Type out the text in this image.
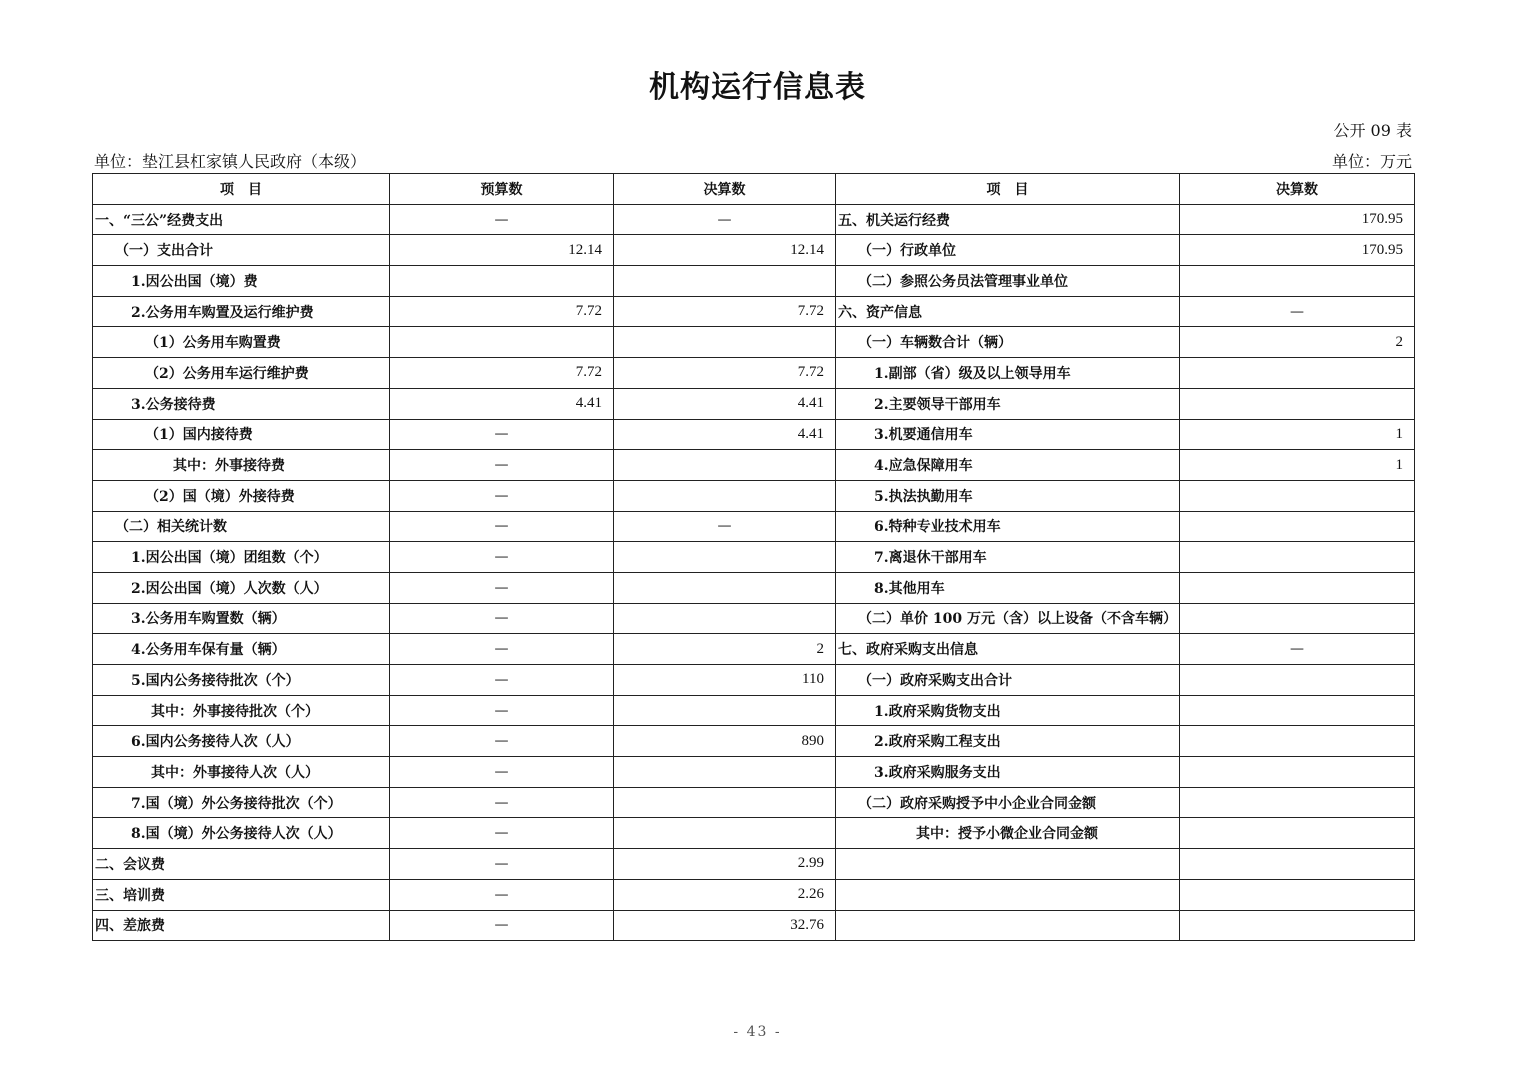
机构运行信息表
公开 09 表
单位：垫江县杠家镇人民政府（本级）	单位：万元
项　目	预算数	决算数	项　目	决算数
一、“三公”经费支出	—	—	五、机关运行经费	170.95
（一）支出合计	12.14	12.14	（一）行政单位	170.95
1.因公出国（境）费			（二）参照公务员法管理事业单位	
2.公务用车购置及运行维护费	7.72	7.72	六、资产信息	—
（1）公务用车购置费			（一）车辆数合计（辆）	2
（2）公务用车运行维护费	7.72	7.72	1.副部（省）级及以上领导用车	
3.公务接待费	4.41	4.41	2.主要领导干部用车	
（1）国内接待费	—	4.41	3.机要通信用车	1
其中：外事接待费	—		4.应急保障用车	1
（2）国（境）外接待费	—		5.执法执勤用车	
（二）相关统计数	—	—	6.特种专业技术用车	
1.因公出国（境）团组数（个）	—		7.离退休干部用车	
2.因公出国（境）人次数（人）	—		8.其他用车	
3.公务用车购置数（辆）	—		（二）单价 100 万元（含）以上设备（不含车辆）	
4.公务用车保有量（辆）	—	2	七、政府采购支出信息	—
5.国内公务接待批次（个）	—	110	（一）政府采购支出合计	
其中：外事接待批次（个）	—		1.政府采购货物支出	
6.国内公务接待人次（人）	—	890	2.政府采购工程支出	
其中：外事接待人次（人）	—		3.政府采购服务支出	
7.国（境）外公务接待批次（个）	—		（二）政府采购授予中小企业合同金额	
8.国（境）外公务接待人次（人）	—		其中：授予小微企业合同金额	
二、会议费	—	2.99		
三、培训费	—	2.26		
四、差旅费	—	32.76		
- 43 -
